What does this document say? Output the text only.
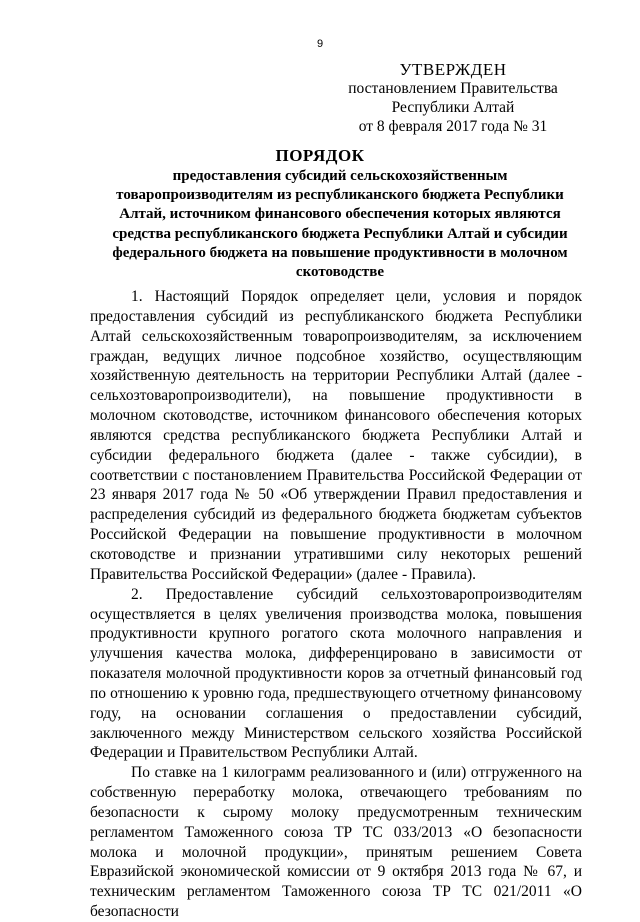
9
УТВЕРЖДЕН
постановлением Правительства
Республики Алтай
от 8 февраля 2017 года № 31
ПОРЯДОК
предоставления субсидий сельскохозяйственным
товаропроизводителям из республиканского бюджета Республики
Алтай, источником финансового обеспечения которых являются
средства республиканского бюджета Республики Алтай и субсидии
федерального бюджета на повышение продуктивности в молочном
скотоводстве

1. Настоящий Порядок определяет цели, условия и порядок предоставления субсидий из республиканского бюджета Республики Алтай сельскохозяйственным товаропроизводителям, за исключением граждан, ведущих личное подсобное хозяйство, осуществляющим хозяйственную деятельность на территории Республики Алтай (далее - сельхозтоваропроизводители), на повышение продуктивности в молочном скотоводстве, источником финансового обеспечения которых являются средства республиканского бюджета Республики Алтай и субсидии федерального бюджета (далее - также субсидии), в соответствии с постановлением Правительства Российской Федерации от 23 января 2017 года № 50 «Об утверждении Правил предоставления и распределения субсидий из федерального бюджета бюджетам субъектов Российской Федерации на повышение продуктивности в молочном скотоводстве и признании утратившими силу некоторых решений Правительства Российской Федерации» (далее - Правила).

2. Предоставление субсидий сельхозтоваропроизводителям осуществляется в целях увеличения производства молока, повышения продуктивности крупного рогатого скота молочного направления и улучшения качества молока, дифференцировано в зависимости от показателя молочной продуктивности коров за отчетный финансовый год по отношению к уровню года, предшествующего отчетному финансовому году, на основании соглашения о предоставлении субсидий, заключенного между Министерством сельского хозяйства Российской Федерации и Правительством Республики Алтай.

По ставке на 1 килограмм реализованного и (или) отгруженного на собственную переработку молока, отвечающего требованиям по безопасности к сырому молоку предусмотренным техническим регламентом Таможенного союза ТР ТС 033/2013 «О безопасности молока и молочной продукции», принятым решением Совета Евразийской экономической комиссии от 9 октября 2013 года № 67, и техническим регламентом Таможенного союза ТР ТС 021/2011 «О безопасности
